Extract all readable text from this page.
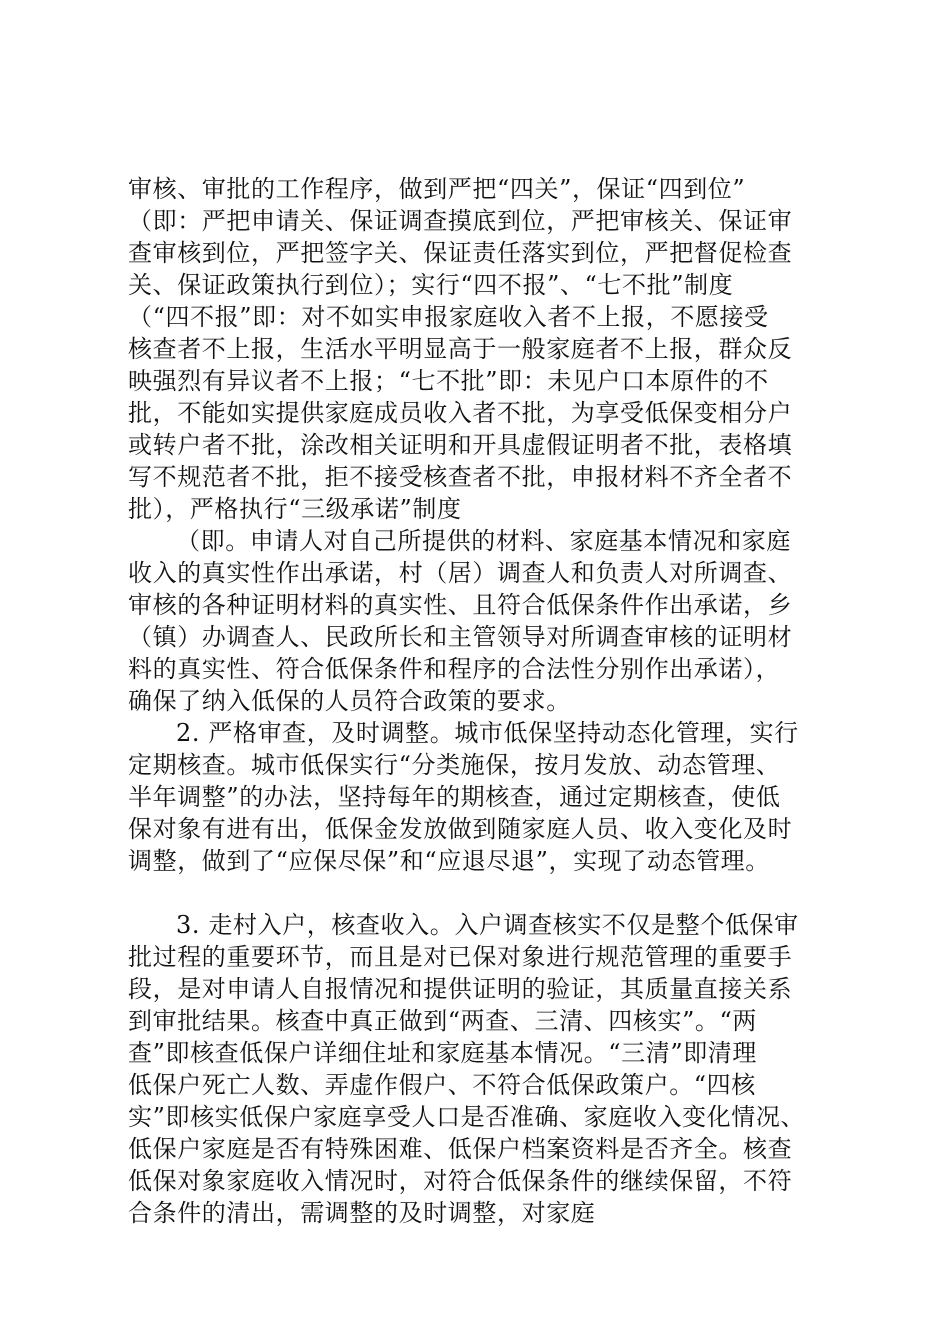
审核、审批的工作程序，做到严把“四关”，保证“四到位”
（即：严把申请关、保证调查摸底到位，严把审核关、保证审
查审核到位，严把签字关、保证责任落实到位，严把督促检查
关、保证政策执行到位）；实行“四不报”、“七不批”制度
（“四不报”即：对不如实申报家庭收入者不上报，不愿接受
核查者不上报，生活水平明显高于一般家庭者不上报，群众反
映强烈有异议者不上报；“七不批”即：未见户口本原件的不
批，不能如实提供家庭成员收入者不批，为享受低保变相分户
或转户者不批，涂改相关证明和开具虚假证明者不批，表格填
写不规范者不批，拒不接受核查者不批，申报材料不齐全者不
批），严格执行“三级承诺”制度
（即。申请人对自己所提供的材料、家庭基本情况和家庭
收入的真实性作出承诺，村（居）调查人和负责人对所调查、
审核的各种证明材料的真实性、且符合低保条件作出承诺，乡
（镇）办调查人、民政所长和主管领导对所调查审核的证明材
料的真实性、符合低保条件和程序的合法性分别作出承诺），
确保了纳入低保的人员符合政策的要求。
2. 严格审查，及时调整。城市低保坚持动态化管理，实行
定期核查。城市低保实行“分类施保，按月发放、动态管理、
半年调整”的办法，坚持每年的期核查，通过定期核查，使低
保对象有进有出，低保金发放做到随家庭人员、收入变化及时
调整，做到了“应保尽保”和“应退尽退”，实现了动态管理。
3. 走村入户，核查收入。入户调查核实不仅是整个低保审
批过程的重要环节，而且是对已保对象进行规范管理的重要手
段，是对申请人自报情况和提供证明的验证，其质量直接关系
到审批结果。核查中真正做到“两查、三清、四核实”。“两
查”即核查低保户详细住址和家庭基本情况。“三清”即清理
低保户死亡人数、弄虚作假户、不符合低保政策户。“四核
实”即核实低保户家庭享受人口是否准确、家庭收入变化情况、
低保户家庭是否有特殊困难、低保户档案资料是否齐全。核查
低保对象家庭收入情况时，对符合低保条件的继续保留，不符
合条件的清出，需调整的及时调整，对家庭
